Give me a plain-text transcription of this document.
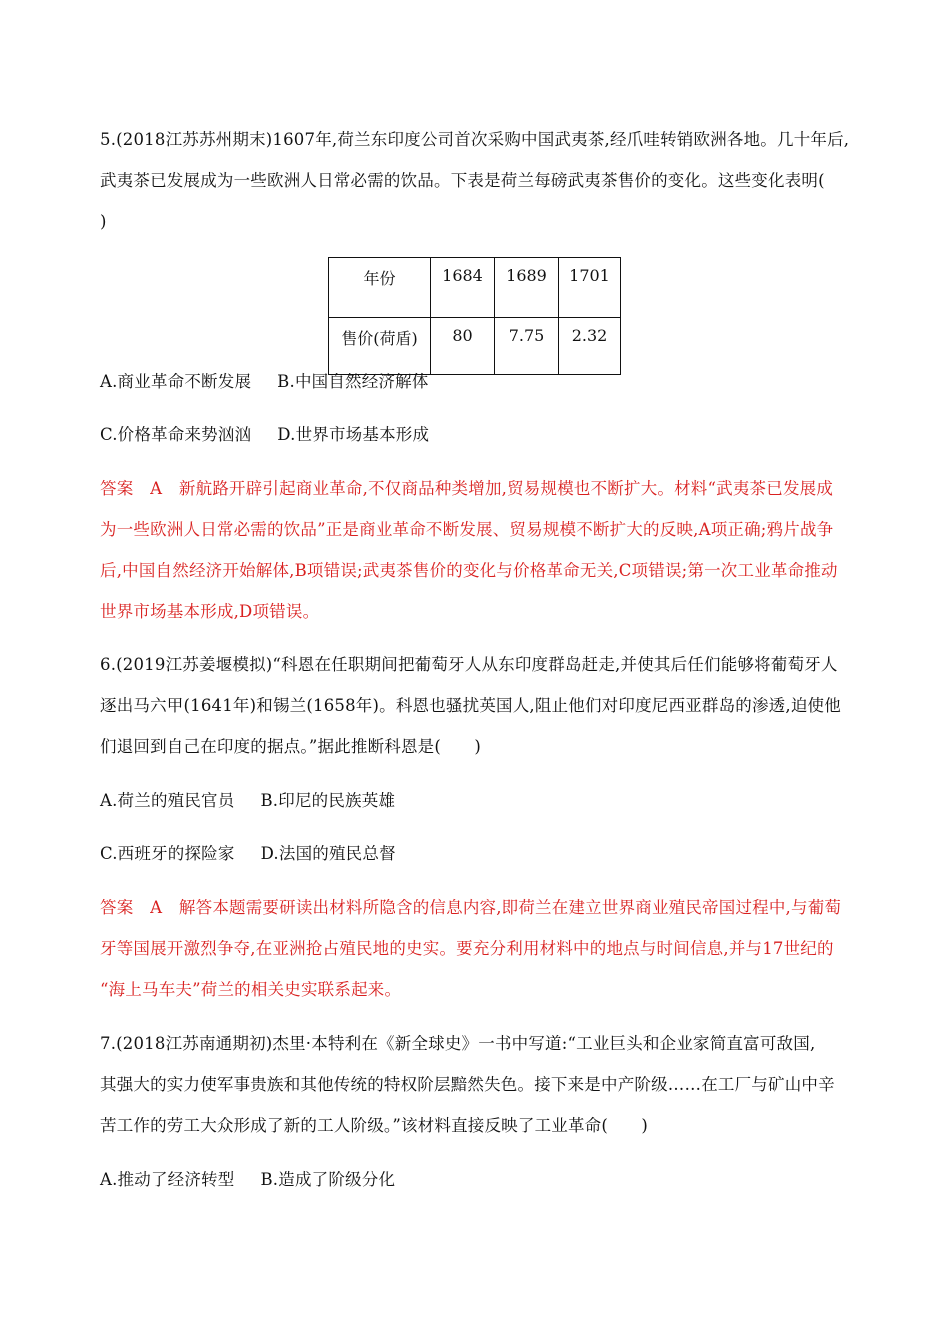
5.(2018江苏苏州期末)1607年,荷兰东印度公司首次采购中国武夷茶,经爪哇转销欧洲各地。几十年后,
武夷茶已发展成为一些欧洲人日常必需的饮品。下表是荷兰每磅武夷茶售价的变化。这些变化表明(
)
年份	1684	1689	1701
售价(荷盾)	80	7.75	2.32
A.商业革命不断发展 B.中国自然经济解体
C.价格革命来势汹汹 D.世界市场基本形成
答案　A　新航路开辟引起商业革命,不仅商品种类增加,贸易规模也不断扩大。材料“武夷茶已发展成
为一些欧洲人日常必需的饮品”正是商业革命不断发展、贸易规模不断扩大的反映,A项正确;鸦片战争
后,中国自然经济开始解体,B项错误;武夷茶售价的变化与价格革命无关,C项错误;第一次工业革命推动
世界市场基本形成,D项错误。
6.(2019江苏姜堰模拟)“科恩在任职期间把葡萄牙人从东印度群岛赶走,并使其后任们能够将葡萄牙人
逐出马六甲(1641年)和锡兰(1658年)。科恩也骚扰英国人,阻止他们对印度尼西亚群岛的渗透,迫使他
们退回到自己在印度的据点。”据此推断科恩是(　　)
A.荷兰的殖民官员 B.印尼的民族英雄
C.西班牙的探险家 D.法国的殖民总督
答案　A　解答本题需要研读出材料所隐含的信息内容,即荷兰在建立世界商业殖民帝国过程中,与葡萄
牙等国展开激烈争夺,在亚洲抢占殖民地的史实。要充分利用材料中的地点与时间信息,并与17世纪的
“海上马车夫”荷兰的相关史实联系起来。
7.(2018江苏南通期初)杰里·本特利在《新全球史》一书中写道:“工业巨头和企业家简直富可敌国,
其强大的实力使军事贵族和其他传统的特权阶层黯然失色。接下来是中产阶级……在工厂与矿山中辛
苦工作的劳工大众形成了新的工人阶级。”该材料直接反映了工业革命(　　)
A.推动了经济转型 B.造成了阶级分化
